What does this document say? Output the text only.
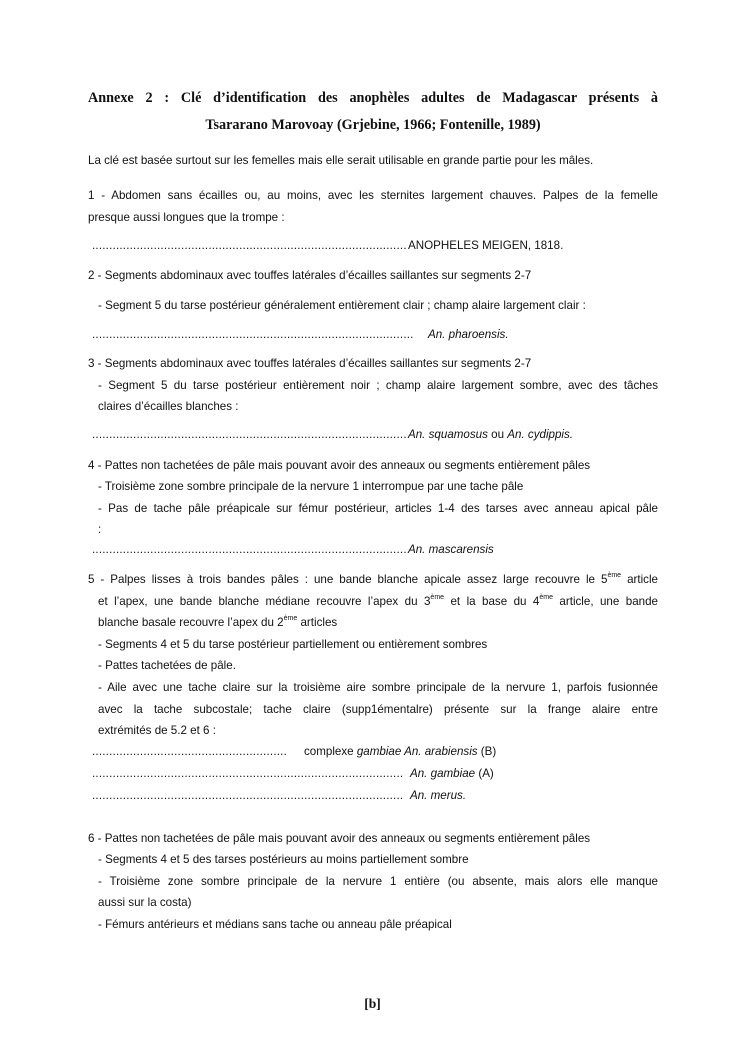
Annexe 2 : Clé d’identification des anophèles adultes de Madagascar présents à
Tsararano Marovoay (Grjebine, 1966; Fontenille, 1989)
La clé est basée surtout sur les femelles mais elle serait utilisable en grande partie pour les mâles.
1 - Abdomen sans écailles ou, au moins, avec les sternites largement chauves. Palpes de la femelle
presque aussi longues que la trompe :
............................................................................................ANOPHELES MEIGEN, 1818.
2 - Segments abdominaux avec touffes latérales d’écailles saillantes sur segments 2-7
- Segment 5 du tarse postérieur généralement entièrement clair ; champ alaire largement clair :
.............................................................................................. An. pharoensis.
3 - Segments abdominaux avec touffes latérales d’écailles saillantes sur segments 2-7
- Segment 5 du tarse postérieur entièrement noir ; champ alaire largement sombre, avec des tâches
claires d’écailles blanches :
............................................................................................An. squamosus ou An. cydippis.
4 - Pattes non tachetées de pâle mais pouvant avoir des anneaux ou segments entièrement pâles
- Troisième zone sombre principale de la nervure 1 interrompue par une tache pâle
- Pas de tache pâle préapicale sur fémur postérieur, articles 1-4 des tarses avec anneau apical pâle
:
............................................................................................An. mascarensis
5 - Palpes lisses à trois bandes pâles : une bande blanche apicale assez large recouvre le 5ème article
et l’apex, une bande blanche médiane recouvre l’apex du 3ème et la base du 4ème article, une bande
blanche basale recouvre l’apex du 2ème articles
- Segments 4 et 5 du tarse postérieur partiellement ou entièrement sombres
- Pattes tachetées de pâle.
- Aile avec une tache claire sur la troisième aire sombre principale de la nervure 1, parfois fusionnée
avec la tache subcostale; tache claire (supp1émentalre) présente sur la frange alaire entre
extrémités de 5.2 et 6 :
......................................................... complexe gambiae An. arabiensis (B)
........................................................................................... An. gambiae (A)
........................................................................................... An. merus.
6 - Pattes non tachetées de pâle mais pouvant avoir des anneaux ou segments entièrement pâles
- Segments 4 et 5 des tarses postérieurs au moins partiellement sombre
- Troisième zone sombre principale de la nervure 1 entière (ou absente, mais alors elle manque
aussi sur la costa)
- Fémurs antérieurs et médians sans tache ou anneau pâle préapical
[b]
